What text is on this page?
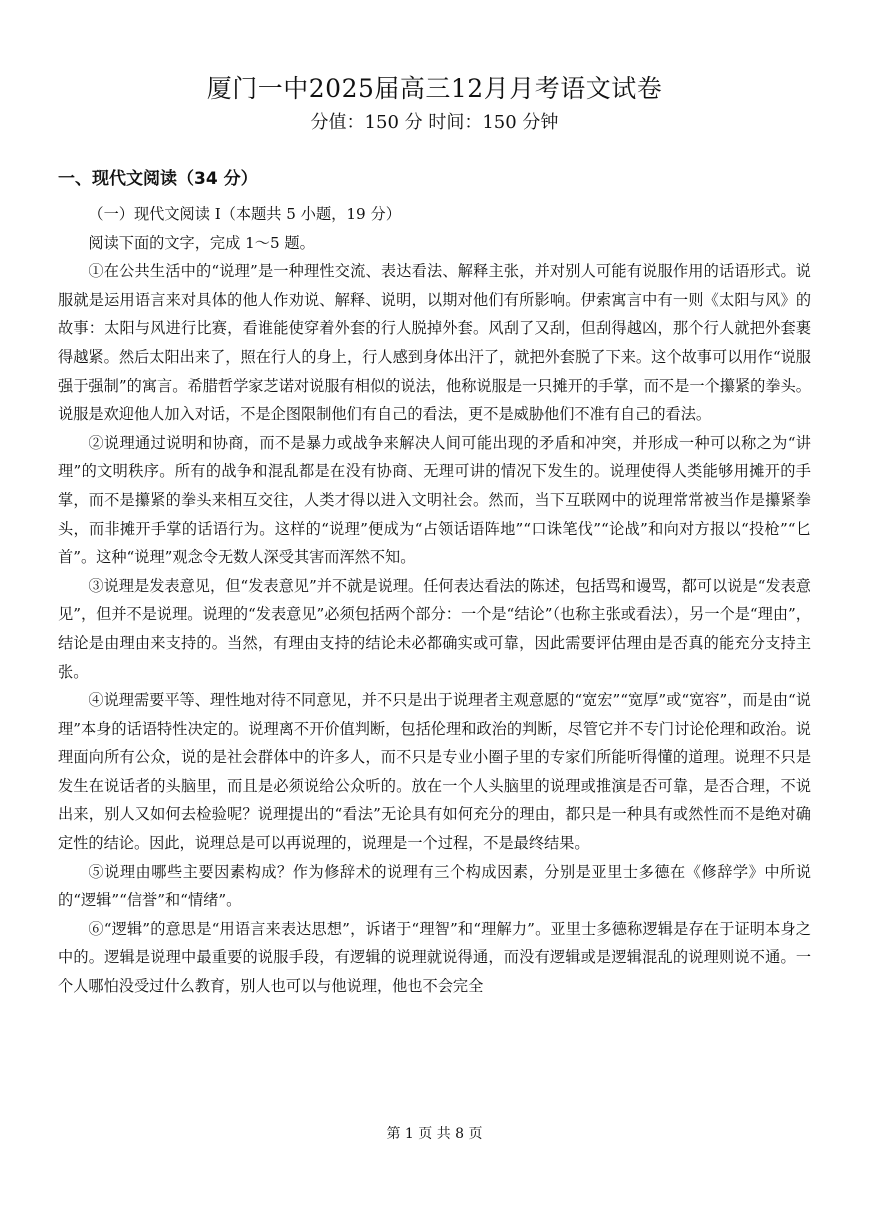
厦门一中2025届高三12月月考语文试卷
分值：150 分 时间：150 分钟
一、现代文阅读（34 分）

（一）现代文阅读 I（本题共 5 小题，19 分）

阅读下面的文字，完成 1～5 题。

①在公共生活中的“说理”是一种理性交流、表达看法、解释主张，并对别人可能有说服作用的话语形式。说服就是运用语言来对具体的他人作劝说、解释、说明，以期对他们有所影响。伊索寓言中有一则《太阳与风》的故事：太阳与风进行比赛，看谁能使穿着外套的行人脱掉外套。风刮了又刮，但刮得越凶，那个行人就把外套裹得越紧。然后太阳出来了，照在行人的身上，行人感到身体出汗了，就把外套脱了下来。这个故事可以用作“说服强于强制”的寓言。希腊哲学家芝诺对说服有相似的说法，他称说服是一只摊开的手掌，而不是一个攥紧的拳头。说服是欢迎他人加入对话，不是企图限制他们有自己的看法，更不是威胁他们不准有自己的看法。

②说理通过说明和协商，而不是暴力或战争来解决人间可能出现的矛盾和冲突，并形成一种可以称之为“讲理”的文明秩序。所有的战争和混乱都是在没有协商、无理可讲的情况下发生的。说理使得人类能够用摊开的手掌，而不是攥紧的拳头来相互交往，人类才得以进入文明社会。然而，当下互联网中的说理常常被当作是攥紧拳头，而非摊开手掌的话语行为。这样的“说理”便成为“占领话语阵地”“口诛笔伐”“论战”和向对方报以“投枪”“匕首”。这种“说理”观念令无数人深受其害而浑然不知。

③说理是发表意见，但“发表意见”并不就是说理。任何表达看法的陈述，包括骂和谩骂，都可以说是“发表意见”，但并不是说理。说理的“发表意见”必须包括两个部分：一个是“结论”（也称主张或看法），另一个是“理由”，结论是由理由来支持的。当然，有理由支持的结论未必都确实或可靠，因此需要评估理由是否真的能充分支持主张。

④说理需要平等、理性地对待不同意见，并不只是出于说理者主观意愿的“宽宏”“宽厚”或“宽容”，而是由“说理”本身的话语特性决定的。说理离不开价值判断，包括伦理和政治的判断，尽管它并不专门讨论伦理和政治。说理面向所有公众，说的是社会群体中的许多人，而不只是专业小圈子里的专家们所能听得懂的道理。说理不只是发生在说话者的头脑里，而且是必须说给公众听的。放在一个人头脑里的说理或推演是否可靠，是否合理，不说出来，别人又如何去检验呢？说理提出的“看法”无论具有如何充分的理由，都只是一种具有或然性而不是绝对确定性的结论。因此，说理总是可以再说理的，说理是一个过程，不是最终结果。

⑤说理由哪些主要因素构成？作为修辞术的说理有三个构成因素，分别是亚里士多德在《修辞学》中所说的“逻辑”“信誉”和“情绪”。

⑥“逻辑”的意思是“用语言来表达思想”，诉诸于“理智”和“理解力”。亚里士多德称逻辑是存在于证明本身之中的。逻辑是说理中最重要的说服手段，有逻辑的说理就说得通，而没有逻辑或是逻辑混乱的说理则说不通。一个人哪怕没受过什么教育，别人也可以与他说理，他也不会完全

第 1 页 共 8 页
